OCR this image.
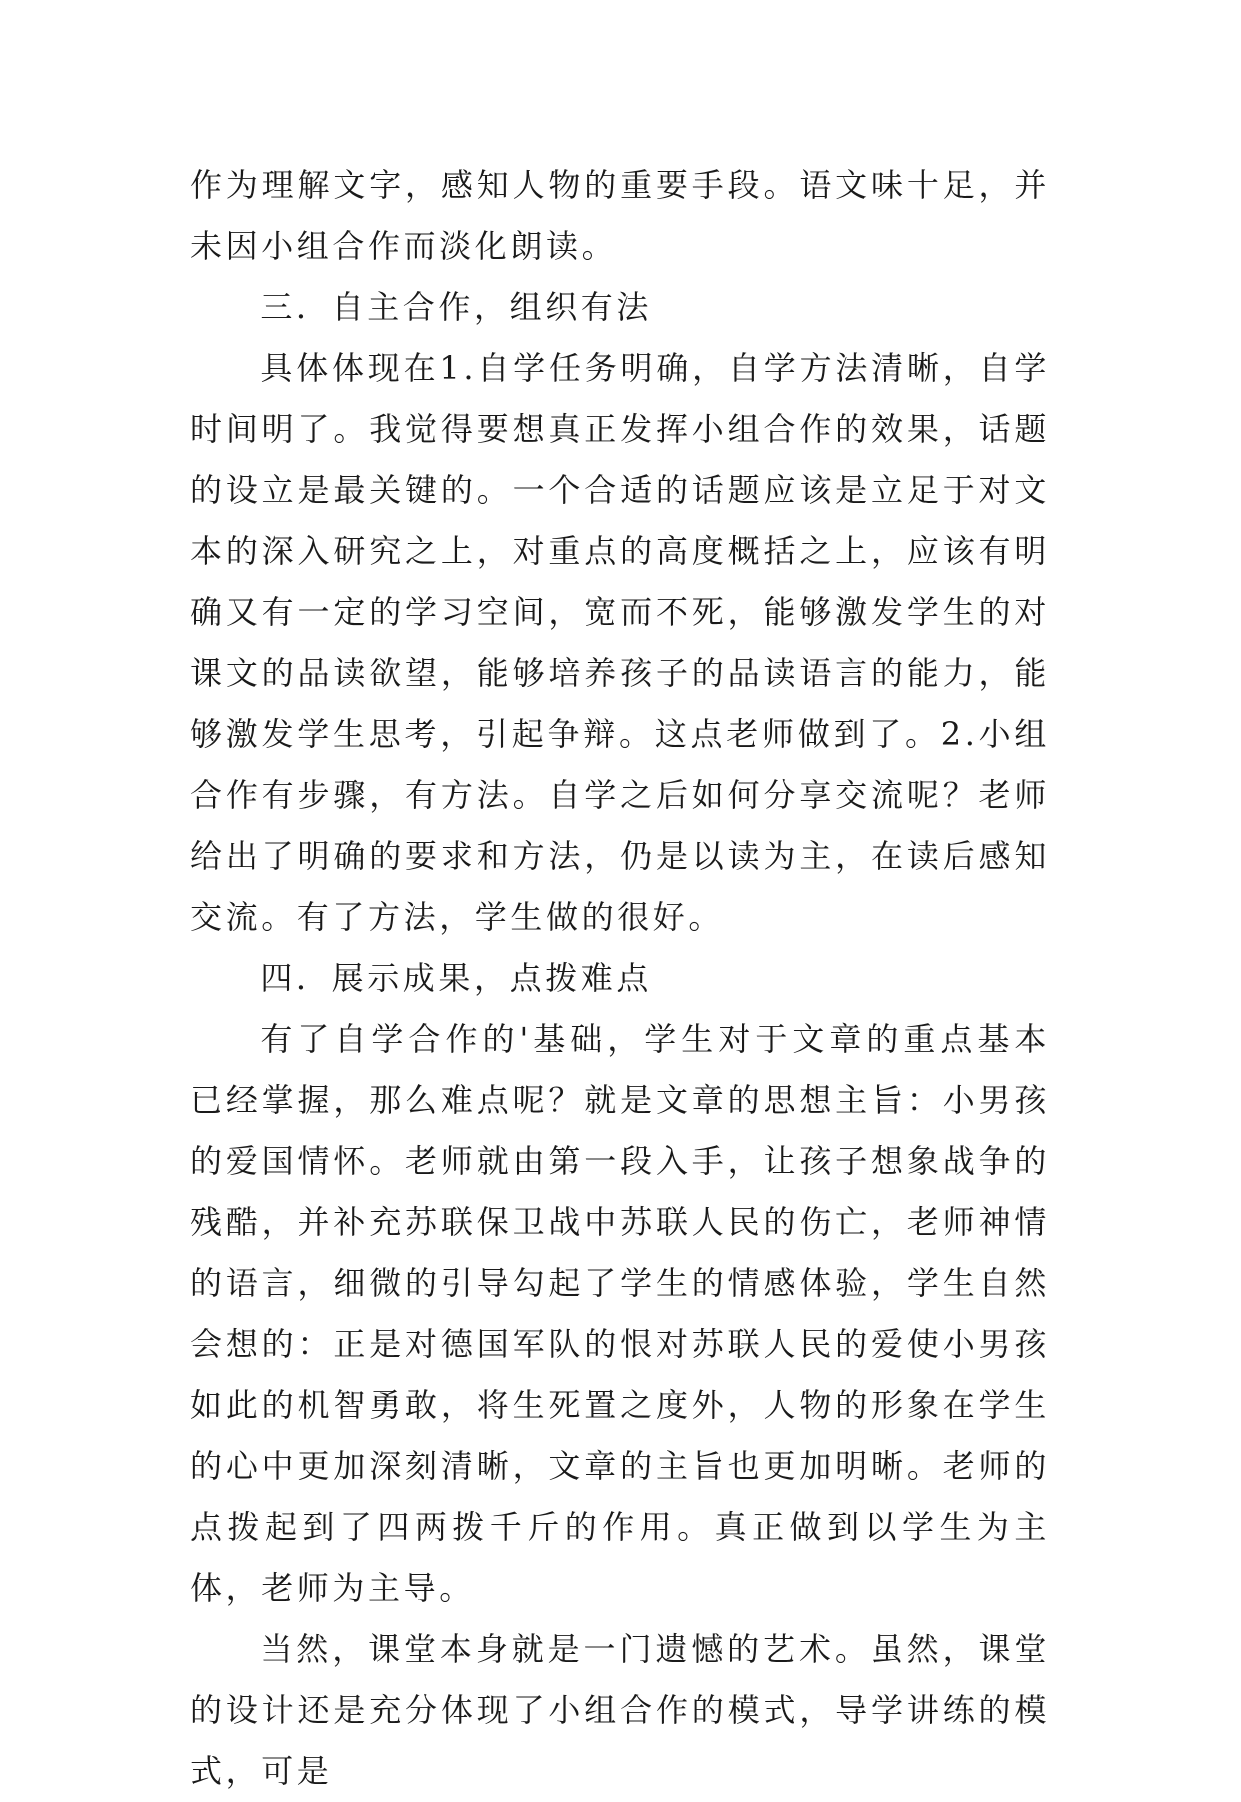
作为理解文字，感知人物的重要手段。语文味十足，并未因小组合作而淡化朗读。

三．自主合作，组织有法

具体体现在1.自学任务明确，自学方法清晰，自学时间明了。我觉得要想真正发挥小组合作的效果，话题的设立是最关键的。一个合适的话题应该是立足于对文本的深入研究之上，对重点的高度概括之上，应该有明确又有一定的学习空间，宽而不死，能够激发学生的对课文的品读欲望，能够培养孩子的品读语言的能力，能够激发学生思考，引起争辩。这点老师做到了。2.小组合作有步骤，有方法。自学之后如何分享交流呢？老师给出了明确的要求和方法，仍是以读为主，在读后感知交流。有了方法，学生做的很好。

四．展示成果，点拨难点

有了自学合作的'基础，学生对于文章的重点基本已经掌握，那么难点呢？就是文章的思想主旨：小男孩的爱国情怀。老师就由第一段入手，让孩子想象战争的残酷，并补充苏联保卫战中苏联人民的伤亡，老师神情的语言，细微的引导勾起了学生的情感体验，学生自然会想的：正是对德国军队的恨对苏联人民的爱使小男孩如此的机智勇敢，将生死置之度外，人物的形象在学生的心中更加深刻清晰，文章的主旨也更加明晰。老师的点拨起到了四两拨千斤的作用。真正做到以学生为主体，老师为主导。

当然，课堂本身就是一门遗憾的艺术。虽然，课堂的设计还是充分体现了小组合作的模式，导学讲练的模式，可是
